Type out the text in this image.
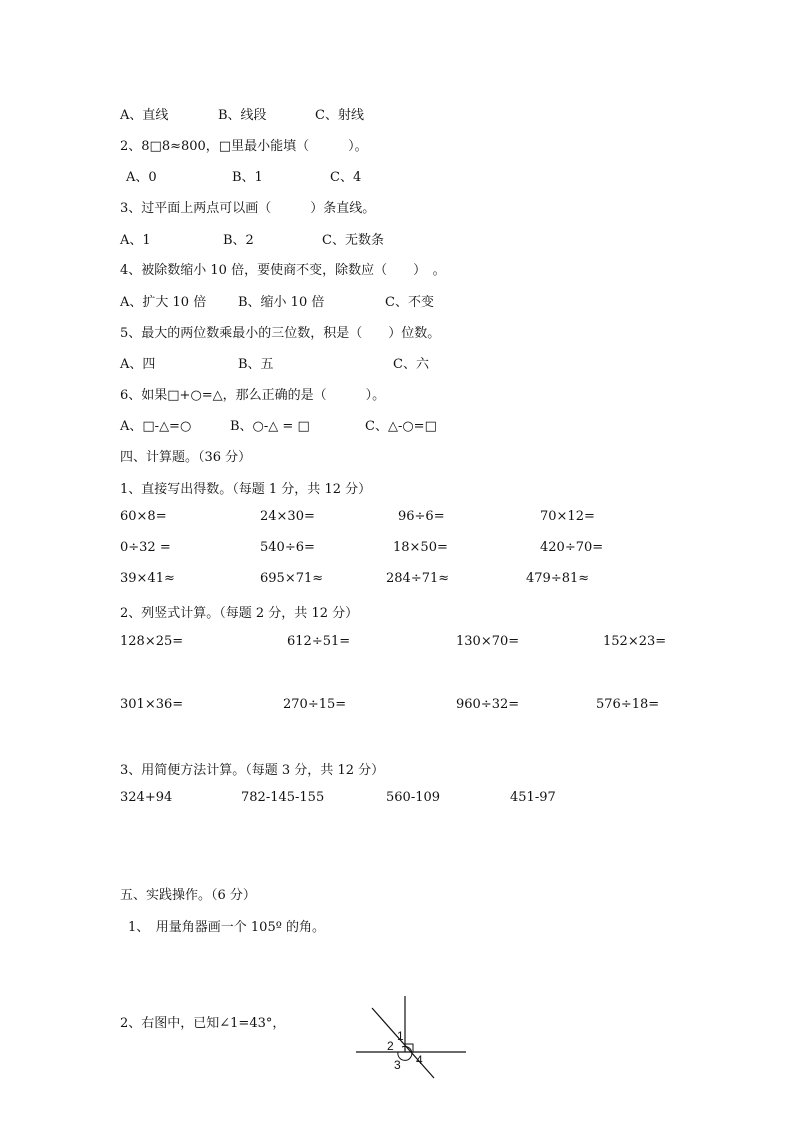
A、直线	B、线段	C、射线
2、8□8≈800，□里最小能填（　　　）。
A、0	B、1	C、4
3、过平面上两点可以画（　　　）条直线。
A、1	B、2	C、无数条
4、被除数缩小 10 倍，要使商不变，除数应（　　）　。
A、扩大 10 倍 B、缩小 10 倍	C、不变
5、最大的两位数乘最小的三位数，积是（　　）位数。
A、四	B、五	C、六
6、如果□+○=△，那么正确的是（　　　）。
A、□-△=○	B、○-△ = □	C、△-○=□
四、计算题。（36 分）
1、直接写出得数。（每题 1 分，共 12 分）
60×8=	24×30=	96÷6=	70×12=
0÷32 =	540÷6=	18×50=	420÷70=
39×41≈	695×71≈	284÷71≈	479÷81≈
2、列竖式计算。（每题 2 分，共 12 分）
128×25=	612÷51=	130×70=	152×23=
301×36=	270÷15=	960÷32=	576÷18=
3、用简便方法计算。（每题 3 分，共 12 分）
324+94	782-145-155	560-109	451-97
五、实践操作。（6 分）
1、　用量角器画一个 105º 的角。
2、右图中，已知∠1=43°，
1
2
3 4
